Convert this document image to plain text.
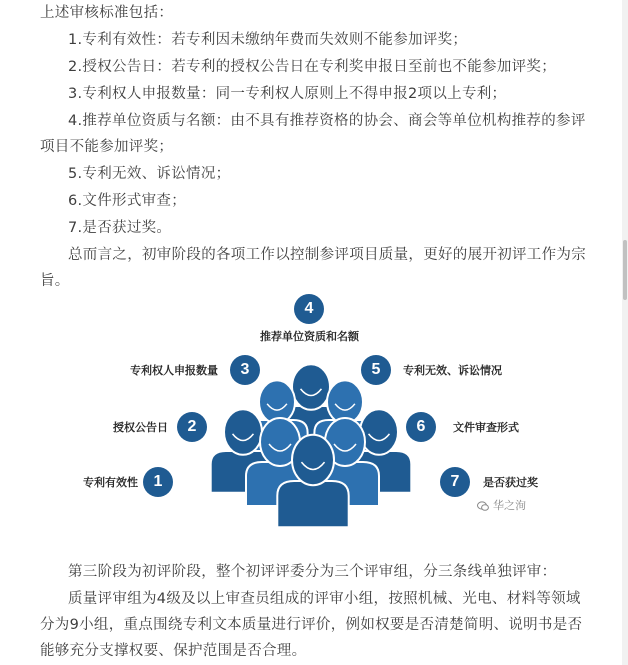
上述审核标准包括：

1.专利有效性：若专利因未缴纳年费而失效则不能参加评奖；

2.授权公告日：若专利的授权公告日在专利奖申报日至前也不能参加评奖；

3.专利权人申报数量：同一专利权人原则上不得申报2项以上专利；

4.推荐单位资质与名额：由不具有推荐资格的协会、商会等单位机构推荐的参评项目不能参加评奖；

5.专利无效、诉讼情况；

6.文件形式审查；

7.是否获过奖。

总而言之，初审阶段的各项工作以控制参评项目质量，更好的展开初评工作为宗旨。

4
推荐单位资质和名额
3
专利权人申报数量	5	专利无效、诉讼情况
2
授权公告日	6	文件审查形式
1
专利有效性	7	是否获过奖
华之洵

第三阶段为初评阶段，整个初评评委分为三个评审组，分三条线单独评审：

质量评审组为4级及以上审查员组成的评审小组，按照机械、光电、材料等领域分为9小组，重点围绕专利文本质量进行评价，例如权要是否清楚简明、说明书是否能够充分支撑权要、保护范围是否合理。
